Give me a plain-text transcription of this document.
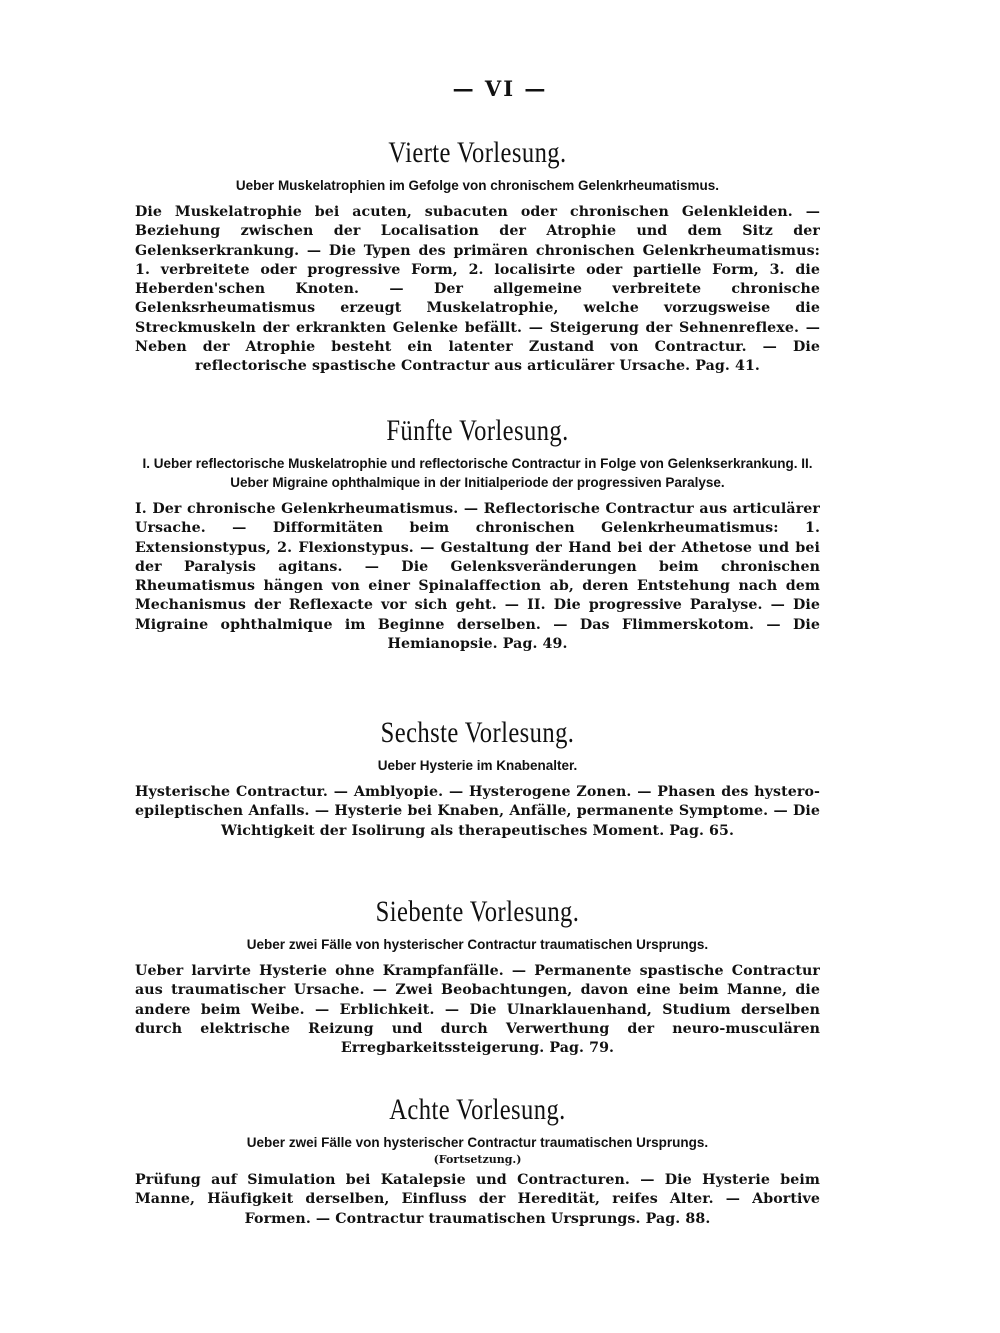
— VI —
Vierte Vorlesung.
Ueber Muskelatrophien im Gefolge von chronischem Gelenkrheumatismus.
Die Muskelatrophie bei acuten, subacuten oder chronischen Gelenkleiden. — Beziehung zwischen der Localisation der Atrophie und dem Sitz der Gelenkserkrankung. — Die Typen des primären chronischen Gelenkrheumatismus: 1. verbreitete oder progressive Form, 2. localisirte oder partielle Form, 3. die Heberden'schen Knoten. — Der allgemeine verbreitete chronische Gelenksrheumatismus erzeugt Muskelatrophie, welche vorzugsweise die Streckmuskeln der erkrankten Gelenke befällt. — Steigerung der Sehnenreflexe. — Neben der Atrophie besteht ein latenter Zustand von Contractur. — Die reflectorische spastische Contractur aus articulärer Ursache. Pag. 41.
Fünfte Vorlesung.
I. Ueber reflectorische Muskelatrophie und reflectorische Contractur in Folge von Gelenkserkrankung. II. Ueber Migraine ophthalmique in der Initialperiode der progressiven Paralyse.
I. Der chronische Gelenkrheumatismus. — Reflectorische Contractur aus articulärer Ursache. — Difformitäten beim chronischen Gelenkrheumatismus: 1. Extensionstypus, 2. Flexionstypus. — Gestaltung der Hand bei der Athetose und bei der Paralysis agitans. — Die Gelenksveränderungen beim chronischen Rheumatismus hängen von einer Spinalaffection ab, deren Entstehung nach dem Mechanismus der Reflexacte vor sich geht. — II. Die progressive Paralyse. — Die Migraine ophthalmique im Beginne derselben. — Das Flimmerskotom. — Die Hemianopsie. Pag. 49.
Sechste Vorlesung.
Ueber Hysterie im Knabenalter.
Hysterische Contractur. — Amblyopie. — Hysterogene Zonen. — Phasen des hystero-epileptischen Anfalls. — Hysterie bei Knaben, Anfälle, permanente Symptome. — Die Wichtigkeit der Isolirung als therapeutisches Moment. Pag. 65.
Siebente Vorlesung.
Ueber zwei Fälle von hysterischer Contractur traumatischen Ursprungs.
Ueber larvirte Hysterie ohne Krampfanfälle. — Permanente spastische Contractur aus traumatischer Ursache. — Zwei Beobachtungen, davon eine beim Manne, die andere beim Weibe. — Erblichkeit. — Die Ulnarklauenhand, Studium derselben durch elektrische Reizung und durch Verwerthung der neuro-musculären Erregbarkeitssteigerung. Pag. 79.
Achte Vorlesung.
Ueber zwei Fälle von hysterischer Contractur traumatischen Ursprungs.
(Fortsetzung.)
Prüfung auf Simulation bei Katalepsie und Contracturen. — Die Hysterie beim Manne, Häufigkeit derselben, Einfluss der Heredität, reifes Alter. — Abortive Formen. — Contractur traumatischen Ursprungs. Pag. 88.
